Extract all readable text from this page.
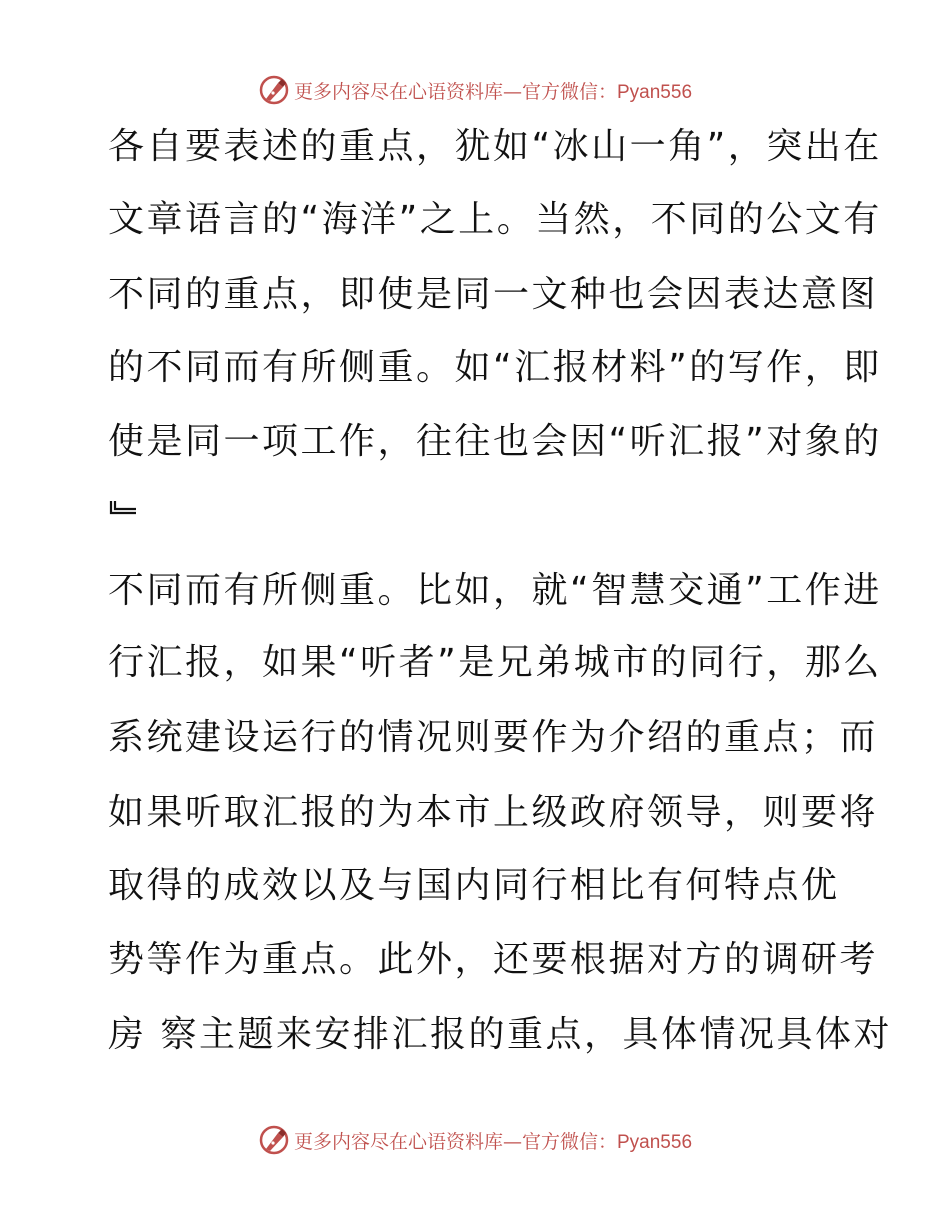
更多内容尽在心语资料库—官方微信：Pyan556
各自要表述的重点，犹如“冰山一角”，突出在
文章语言的“海洋”之上。当然，不同的公文有
不同的重点，即使是同一文种也会因表达意图
的不同而有所侧重。如“汇报材料”的写作，即
使是同一项工作，往往也会因“听汇报”对象的
不同而有所侧重。比如，就“智慧交通”工作进
行汇报，如果“听者”是兄弟城市的同行，那么
系统建设运行的情况则要作为介绍的重点；而
如果听取汇报的为本市上级政府领导，则要将
取得的成效以及与国内同行相比有何特点优
势等作为重点。此外，还要根据对方的调研考
房 察主题来安排汇报的重点，具体情况具体对
更多内容尽在心语资料库—官方微信：Pyan556
